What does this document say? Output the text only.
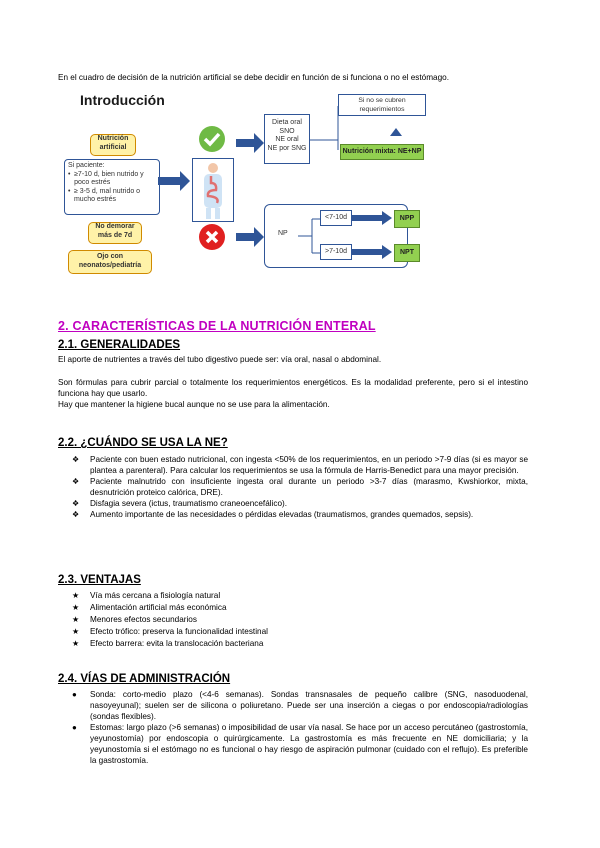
En el cuadro de decisión de la nutrición artificial se debe decidir en función de si funciona o no el estómago.
Introducción
Nutrición artificial
Si paciente:
• ≥7-10 d, bien nutrido y poco estrés
• ≥ 3-5 d, mal nutrido o mucho estrés
No demorar más de 7d
Ojo con neonatos/pediatría
Dieta oral
SNO
NE oral
NE por SNG
Si no se cubren requerimientos
Nutrición mixta: NE+NP
NP
<7-10d
>7-10d
NPP
NPT
2. CARACTERÍSTICAS DE LA NUTRICIÓN ENTERAL
2.1. GENERALIDADES
El aporte de nutrientes a través del tubo digestivo puede ser: vía oral, nasal o abdominal.
Son fórmulas para cubrir parcial o totalmente los requerimientos energéticos. Es la modalidad preferente, pero si el intestino funciona hay que usarlo.
Hay que mantener la higiene bucal aunque no se use para la alimentación.
2.2. ¿CUÁNDO SE USA LA NE?
❖ Paciente con buen estado nutricional, con ingesta <50% de los requerimientos, en un periodo >7-9 días (si es mayor se plantea a parenteral). Para calcular los requerimientos se usa la fórmula de Harris-Benedict para una mayor precisión.
❖ Paciente malnutrido con insuficiente ingesta oral durante un periodo >3-7 días (marasmo, Kwshiorkor, mixta, desnutrición proteico calórica, DRE).
❖ Disfagia severa (ictus, traumatismo craneoencefálico).
❖ Aumento importante de las necesidades o pérdidas elevadas (traumatismos, grandes quemados, sepsis).
2.3. VENTAJAS
★ Vía más cercana a fisiología natural
★ Alimentación artificial más económica
★ Menores efectos secundarios
★ Efecto trófico: preserva la funcionalidad intestinal
★ Efecto barrera: evita la translocación bacteriana
2.4. VÍAS DE ADMINISTRACIÓN
● Sonda: corto-medio plazo (<4-6 semanas). Sondas transnasales de pequeño calibre (SNG, nasoduodenal, nasoyeyunal); suelen ser de silicona o poliuretano. Puede ser una inserción a ciegas o por endoscopia/radiologías (sondas flexibles).
● Estomas: largo plazo (>6 semanas) o imposibilidad de usar vía nasal. Se hace por un acceso percutáneo (gastrostomía, yeyunostomía) por endoscopia o quirúrgicamente. La gastrostomía es más frecuente en NE domiciliaria; y la yeyunostomía si el estómago no es funcional o hay riesgo de aspiración pulmonar (cuidado con el reflujo). Es preferible la gastrostomía.
